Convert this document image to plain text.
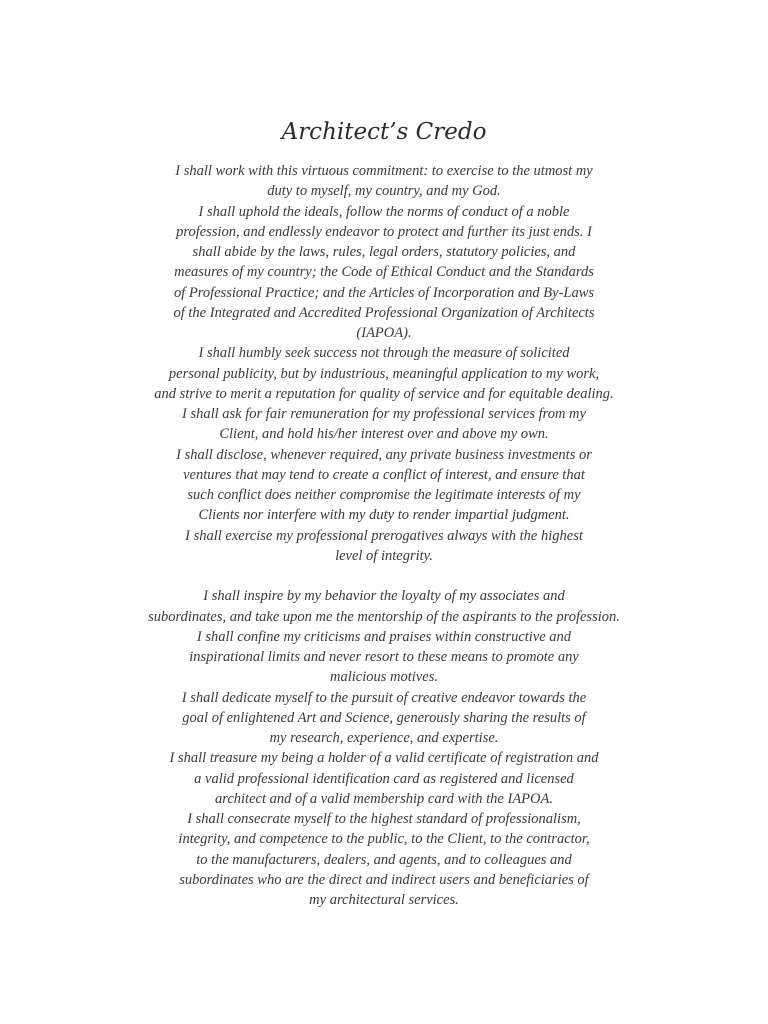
Architect’s Credo
I shall work with this virtuous commitment: to exercise to the utmost my
duty to myself, my country, and my God.
I shall uphold the ideals, follow the norms of conduct of a noble
profession, and endlessly endeavor to protect and further its just ends. I
shall abide by the laws, rules, legal orders, statutory policies, and
measures of my country; the Code of Ethical Conduct and the Standards
of Professional Practice; and the Articles of Incorporation and By-Laws
of the Integrated and Accredited Professional Organization of Architects
(IAPOA).
I shall humbly seek success not through the measure of solicited
personal publicity, but by industrious, meaningful application to my work,
and strive to merit a reputation for quality of service and for equitable dealing.
I shall ask for fair remuneration for my professional services from my
Client, and hold his/her interest over and above my own.
I shall disclose, whenever required, any private business investments or
ventures that may tend to create a conflict of interest, and ensure that
such conflict does neither compromise the legitimate interests of my
Clients nor interfere with my duty to render impartial judgment.
I shall exercise my professional prerogatives always with the highest
level of integrity.
I shall inspire by my behavior the loyalty of my associates and
subordinates, and take upon me the mentorship of the aspirants to the profession.
I shall confine my criticisms and praises within constructive and
inspirational limits and never resort to these means to promote any
malicious motives.
I shall dedicate myself to the pursuit of creative endeavor towards the
goal of enlightened Art and Science, generously sharing the results of
my research, experience, and expertise.
I shall treasure my being a holder of a valid certificate of registration and
a valid professional identification card as registered and licensed
architect and of a valid membership card with the IAPOA.
I shall consecrate myself to the highest standard of professionalism,
integrity, and competence to the public, to the Client, to the contractor,
to the manufacturers, dealers, and agents, and to colleagues and
subordinates who are the direct and indirect users and beneficiaries of
my architectural services.
